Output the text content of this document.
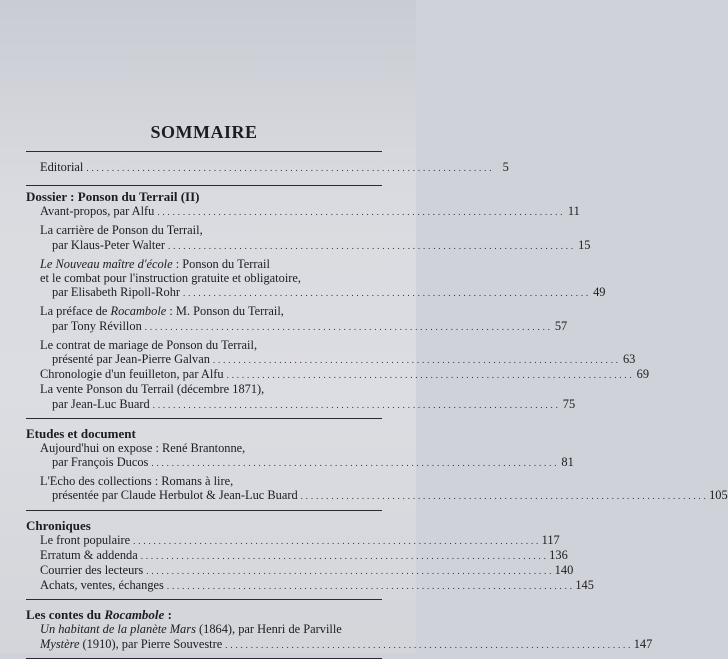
SOMMAIRE
Editorial . . .	5
Dossier : Ponson du Terrail (II)
Avant-propos, par Alfu . . .	11
La carrière de Ponson du Terrail,
par Klaus-Peter Walter . . .	15
Le Nouveau maître d'école : Ponson du Terrail
et le combat pour l'instruction gratuite et obligatoire,
par Elisabeth Ripoll-Rohr . . .	49
La préface de Rocambole : M. Ponson du Terrail,
par Tony Révillon . . .	57
Le contrat de mariage de Ponson du Terrail,
présenté par Jean-Pierre Galvan . . .	63
Chronologie d'un feuilleton, par Alfu . . .	69
La vente Ponson du Terrail (décembre 1871),
par Jean-Luc Buard . . .	75
Etudes et document
Aujourd'hui on expose : René Brantonne,
par François Ducos . . .	81
L'Echo des collections : Romans à lire,
présentée par Claude Herbulot & Jean-Luc Buard . . .	105
Chroniques
Le front populaire . . .	117
Erratum & addenda . . .	136
Courrier des lecteurs . . .	140
Achats, ventes, échanges . . .	145
Les contes du Rocambole :
Un habitant de la planète Mars (1864), par Henri de Parville
Mystère (1910), par Pierre Souvestre . . .	147
